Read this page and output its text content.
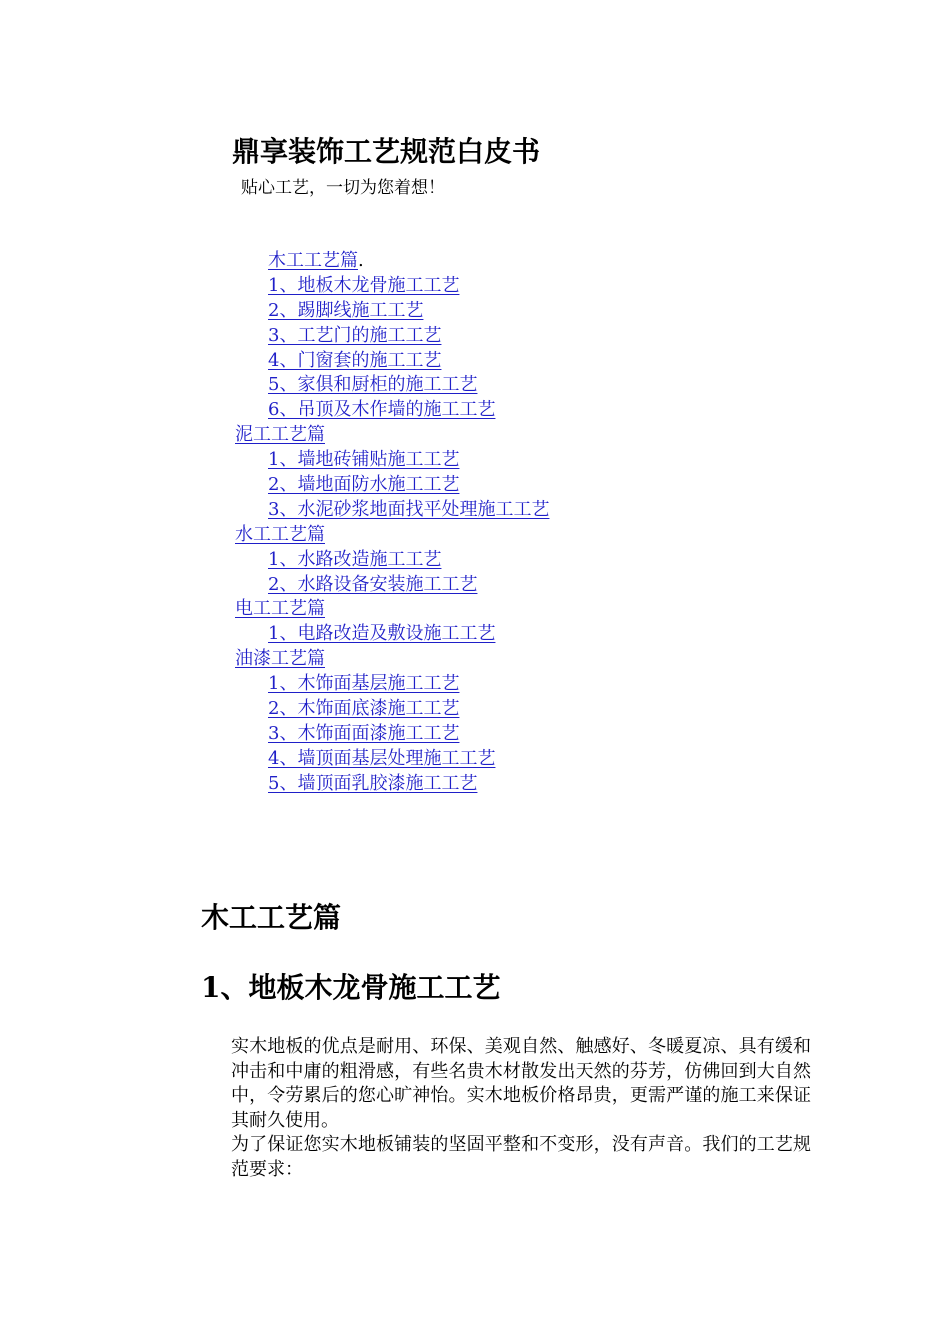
鼎享装饰工艺规范白皮书
贴心工艺，一切为您着想！
木工工艺篇.
1、地板木龙骨施工工艺
2、踢脚线施工工艺
3、工艺门的施工工艺
4、门窗套的施工工艺
5、家俱和厨柜的施工工艺
6、吊顶及木作墙的施工工艺
泥工工艺篇
1、墙地砖铺贴施工工艺
2、墙地面防水施工工艺
3、水泥砂浆地面找平处理施工工艺
水工工艺篇
1、水路改造施工工艺
2、水路设备安装施工工艺
电工工艺篇
1、电路改造及敷设施工工艺
油漆工艺篇
1、木饰面基层施工工艺
2、木饰面底漆施工工艺
3、木饰面面漆施工工艺
4、墙顶面基层处理施工工艺
5、墙顶面乳胶漆施工工艺
木工工艺篇
1、地板木龙骨施工工艺

实木地板的优点是耐用、环保、美观自然、触感好、冬暖夏凉、具有缓和冲击和中庸的粗滑感，有些名贵木材散发出天然的芬芳，仿佛回到大自然中，令劳累后的您心旷神怡。实木地板价格昂贵，更需严谨的施工来保证其耐久使用。

为了保证您实木地板铺装的坚固平整和不变形，没有声音。我们的工艺规范要求：
